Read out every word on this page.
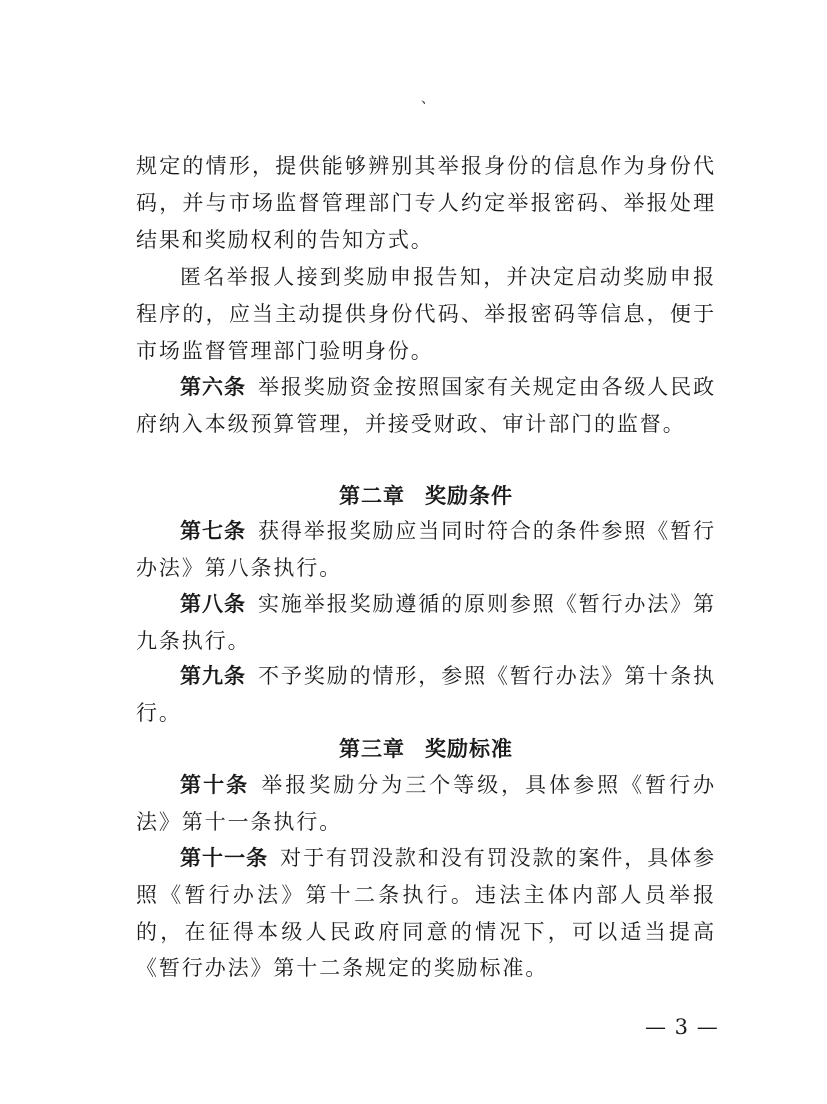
、

规定的情形，提供能够辨别其举报身份的信息作为身份代码，并与市场监督管理部门专人约定举报密码、举报处理结果和奖励权利的告知方式。

匿名举报人接到奖励申报告知，并决定启动奖励申报程序的，应当主动提供身份代码、举报密码等信息，便于市场监督管理部门验明身份。

第六条 举报奖励资金按照国家有关规定由各级人民政府纳入本级预算管理，并接受财政、审计部门的监督。

第二章 奖励条件

第七条 获得举报奖励应当同时符合的条件参照《暂行办法》第八条执行。

第八条 实施举报奖励遵循的原则参照《暂行办法》第九条执行。

第九条 不予奖励的情形，参照《暂行办法》第十条执行。

第三章 奖励标准

第十条 举报奖励分为三个等级，具体参照《暂行办法》第十一条执行。

第十一条 对于有罚没款和没有罚没款的案件，具体参照《暂行办法》第十二条执行。违法主体内部人员举报的，在征得本级人民政府同意的情况下，可以适当提高《暂行办法》第十二条规定的奖励标准。

— 3 —
